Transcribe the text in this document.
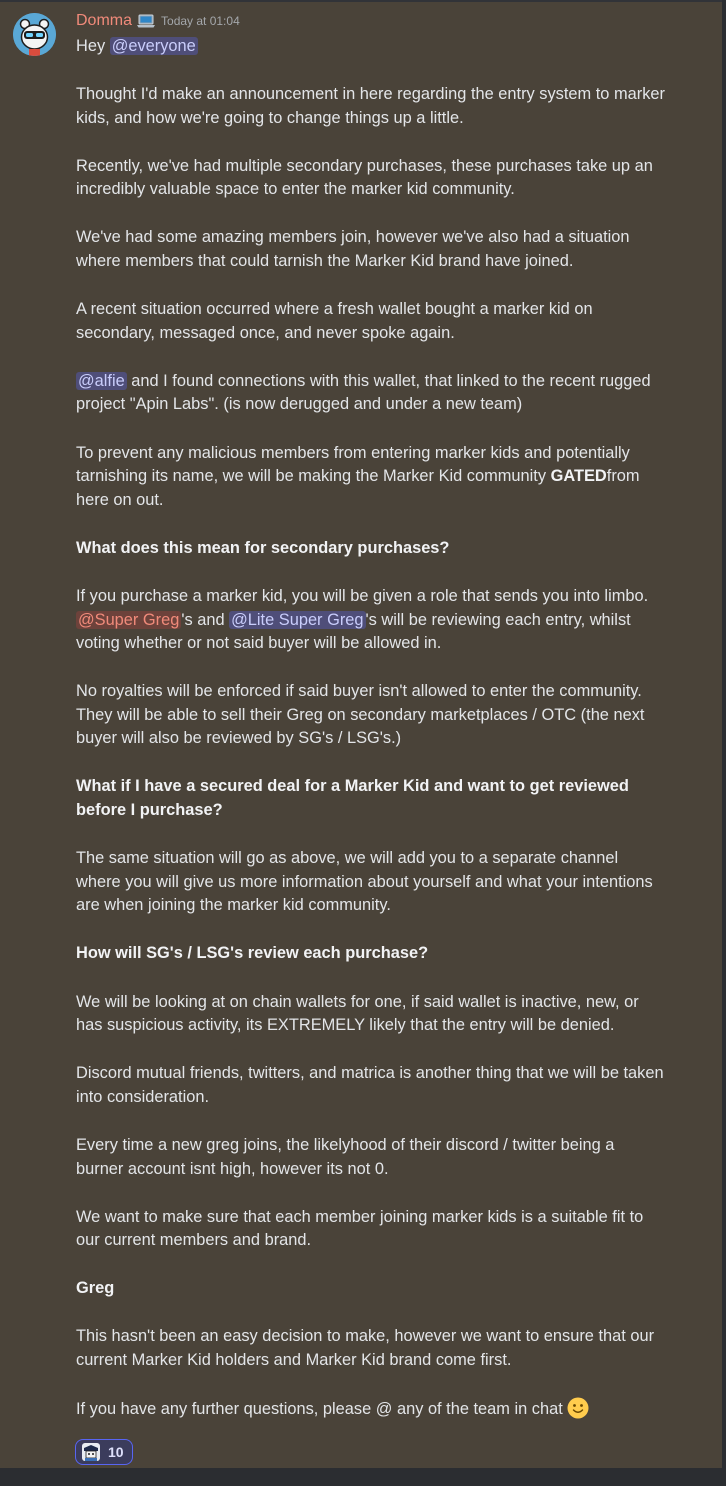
Domma Today at 01:04

Hey @everyone

Thought I'd make an announcement in here regarding the entry system to marker kids, and how we're going to change things up a little.

Recently, we've had multiple secondary purchases, these purchases take up an incredibly valuable space to enter the marker kid community.

We've had some amazing members join, however we've also had a situation where members that could tarnish the Marker Kid brand have joined.

A recent situation occurred where a fresh wallet bought a marker kid on secondary, messaged once, and never spoke again.

@alfie and I found connections with this wallet, that linked to the recent rugged project "Apin Labs". (is now derugged and under a new team)

To prevent any malicious members from entering marker kids and potentially tarnishing its name, we will be making the Marker Kid community GATEDfrom here on out.

What does this mean for secondary purchases?

If you purchase a marker kid, you will be given a role that sends you into limbo. @Super Greg 's and @Lite Super Greg 's will be reviewing each entry, whilst voting whether or not said buyer will be allowed in.

No royalties will be enforced if said buyer isn't allowed to enter the community. They will be able to sell their Greg on secondary marketplaces / OTC (the next buyer will also be reviewed by SG's / LSG's.)

What if I have a secured deal for a Marker Kid and want to get reviewed before I purchase?

The same situation will go as above, we will add you to a separate channel where you will give us more information about yourself and what your intentions are when joining the marker kid community.

How will SG's / LSG's review each purchase?

We will be looking at on chain wallets for one, if said wallet is inactive, new, or has suspicious activity, its EXTREMELY likely that the entry will be denied.

Discord mutual friends, twitters, and matrica is another thing that we will be taken into consideration.

Every time a new greg joins, the likelyhood of their discord / twitter being a burner account isnt high, however its not 0.

We want to make sure that each member joining marker kids is a suitable fit to our current members and brand.

Greg

This hasn't been an easy decision to make, however we want to ensure that our current Marker Kid holders and Marker Kid brand come first.

If you have any further questions, please @ any of the team in chat

10
